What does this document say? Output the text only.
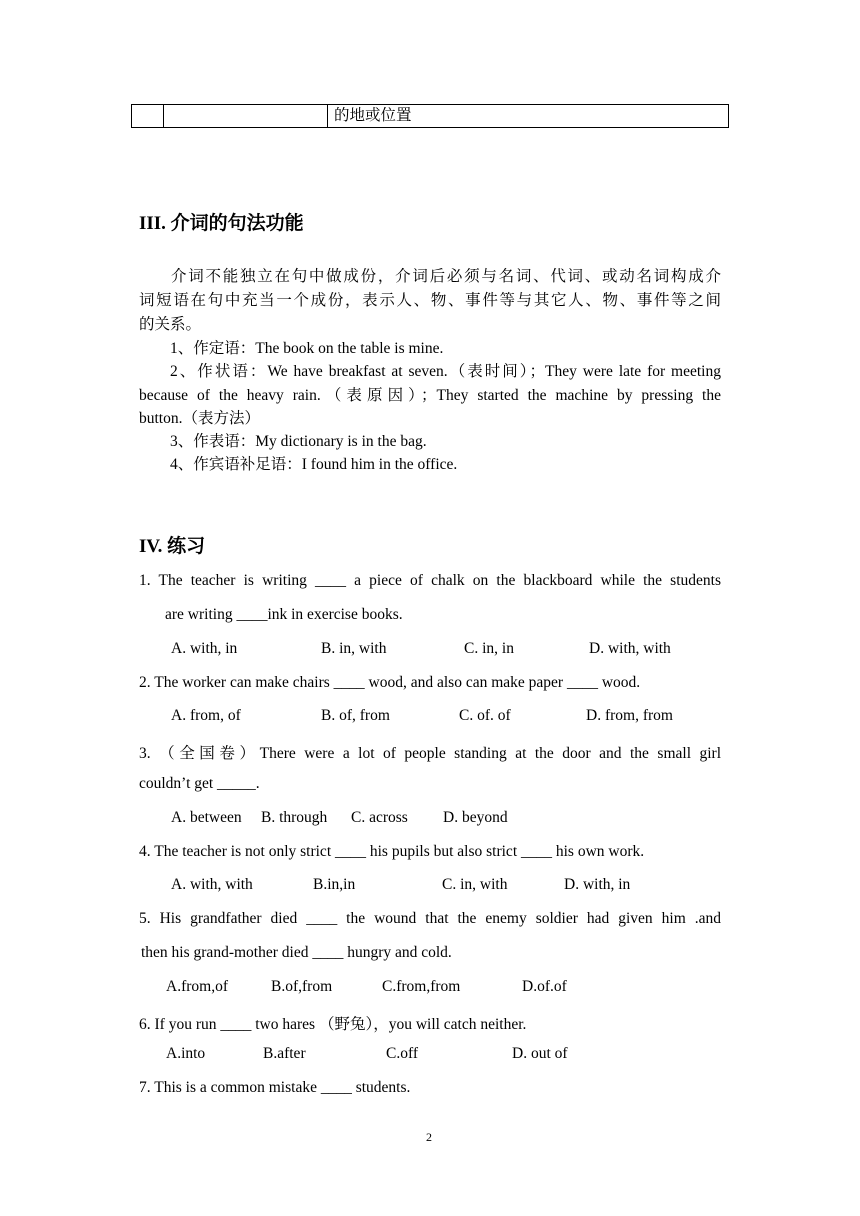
		的地或位置
III. 介词的句法功能
介词不能独立在句中做成份，介词后必须与名词、代词、或动名词构成介
词短语在句中充当一个成份，表示人、物、事件等与其它人、物、事件等之间
的关系。
1、作定语：The book on the table is mine.
2、作状语：We have breakfast at seven.（表时间）；They were late for meeting
because of the heavy rain.（表原因）；They started the machine by pressing the
button.（表方法）
3、作表语：My dictionary is in the bag.
4、作宾语补足语：I found him in the office.
IV. 练习
1. The teacher is writing ____ a piece of chalk on the blackboard while the students
are writing ____ink in exercise books.
A. with, in	B. in, with	C. in, in	D. with, with
2. The worker can make chairs ____ wood, and also can make paper ____ wood.
A. from, of	B. of, from	C. of. of	D. from, from
3. （全国卷）There were a lot of people standing at the door and the small girl
couldn’t get _____.
A. between B. through C. across D. beyond
4. The teacher is not only strict ____ his pupils but also strict ____ his own work.
A. with, with	B.in,in	C. in, with	D. with, in
5. His grandfather died ____ the wound that the enemy soldier had given him .and
then his grand-mother died ____ hungry and cold.
A.from,of	B.of,from	C.from,from	D.of.of
6. If you run ____ two hares （野兔），you will catch neither.
A.into	B.after	C.off	D. out of
7. This is a common mistake ____ students.
2
